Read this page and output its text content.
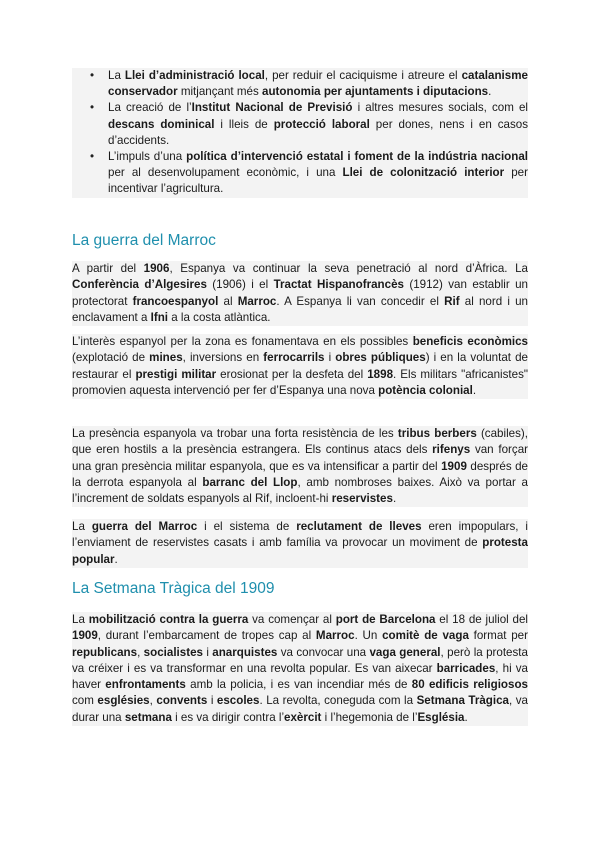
• La Llei d’administració local, per reduir el caciquisme i atreure el catalanisme conservador mitjançant més autonomia per ajuntaments i diputacions.
• La creació de l’Institut Nacional de Previsió i altres mesures socials, com el descans dominical i lleis de protecció laboral per dones, nens i en casos d’accidents.
• L’impuls d’una política d’intervenció estatal i foment de la indústria nacional per al desenvolupament econòmic, i una Llei de colonització interior per incentivar l’agricultura.
La guerra del Marroc

A partir del 1906, Espanya va continuar la seva penetració al nord d’Àfrica. La Conferència d’Algesires (1906) i el Tractat Hispanofrancès (1912) van establir un protectorat francoespanyol al Marroc. A Espanya li van concedir el Rif al nord i un enclavament a Ifni a la costa atlàntica.

L’interès espanyol per la zona es fonamentava en els possibles beneficis econòmics (explotació de mines, inversions en ferrocarrils i obres públiques) i en la voluntat de restaurar el prestigi militar erosionat per la desfeta del 1898. Els militars "africanistes" promovien aquesta intervenció per fer d’Espanya una nova potència colonial.

La presència espanyola va trobar una forta resistència de les tribus berbers (cabiles), que eren hostils a la presència estrangera. Els continus atacs dels rifenys van forçar una gran presència militar espanyola, que es va intensificar a partir del 1909 després de la derrota espanyola al barranc del Llop, amb nombroses baixes. Això va portar a l’increment de soldats espanyols al Rif, incloent-hi reservistes.

La guerra del Marroc i el sistema de reclutament de lleves eren impopulars, i l’enviament de reservistes casats i amb família va provocar un moviment de protesta popular.

La Setmana Tràgica del 1909

La mobilització contra la guerra va començar al port de Barcelona el 18 de juliol del 1909, durant l’embarcament de tropes cap al Marroc. Un comitè de vaga format per republicans, socialistes i anarquistes va convocar una vaga general, però la protesta va créixer i es va transformar en una revolta popular. Es van aixecar barricades, hi va haver enfrontaments amb la policia, i es van incendiar més de 80 edificis religiosos com esglésies, convents i escoles. La revolta, coneguda com la Setmana Tràgica, va durar una setmana i es va dirigir contra l’exèrcit i l’hegemonia de l’Església.
